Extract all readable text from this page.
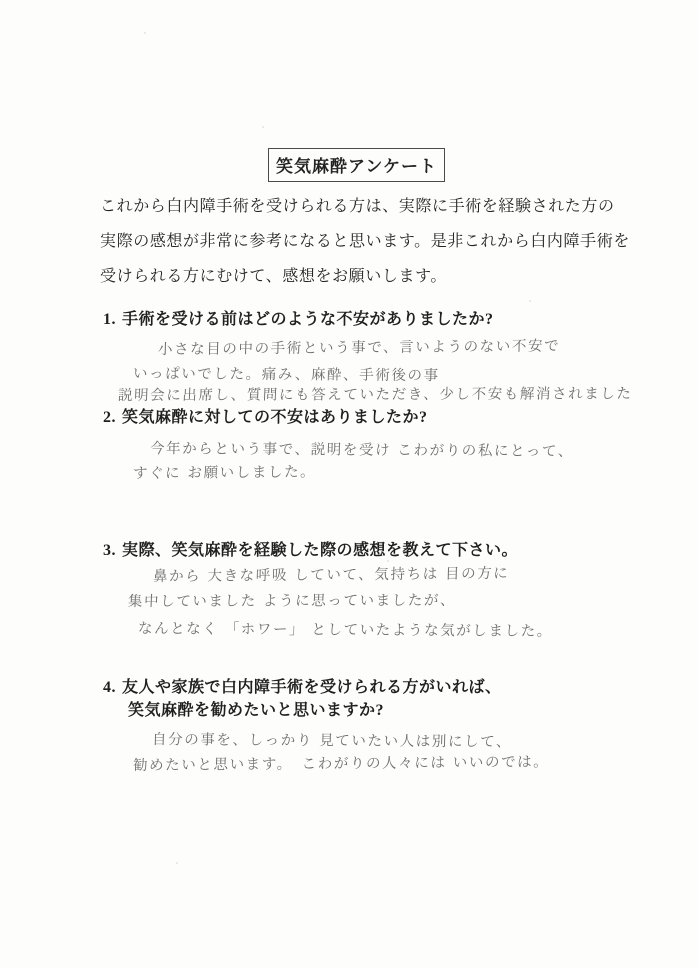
笑気麻酔アンケート
これから白内障手術を受けられる方は、実際に手術を経験された方の
実際の感想が非常に参考になると思います。是非これから白内障手術を
受けられる方にむけて、感想をお願いします。
1. 手術を受ける前はどのような不安がありましたか?
小さな目の中の手術という事で、言いようのない不安で
いっぱいでした。痛み、麻酔、手術後の事
説明会に出席し、質問にも答えていただき、少し不安も解消されました
2. 笑気麻酔に対しての不安はありましたか?
今年からという事で、説明を受け こわがりの私にとって、
すぐに お願いしました。
3. 実際、笑気麻酔を経験した際の感想を教えて下さい。
鼻から 大きな呼吸 していて、気持ちは 目の方に
集中していました ように思っていましたが、
なんとなく 「ホワー」 としていたような気がしました。
4. 友人や家族で白内障手術を受けられる方がいれば、
笑気麻酔を勧めたいと思いますか?
自分の事を、しっかり 見ていたい人は別にして、
勧めたいと思います。　こわがりの人々には いいのでは。
